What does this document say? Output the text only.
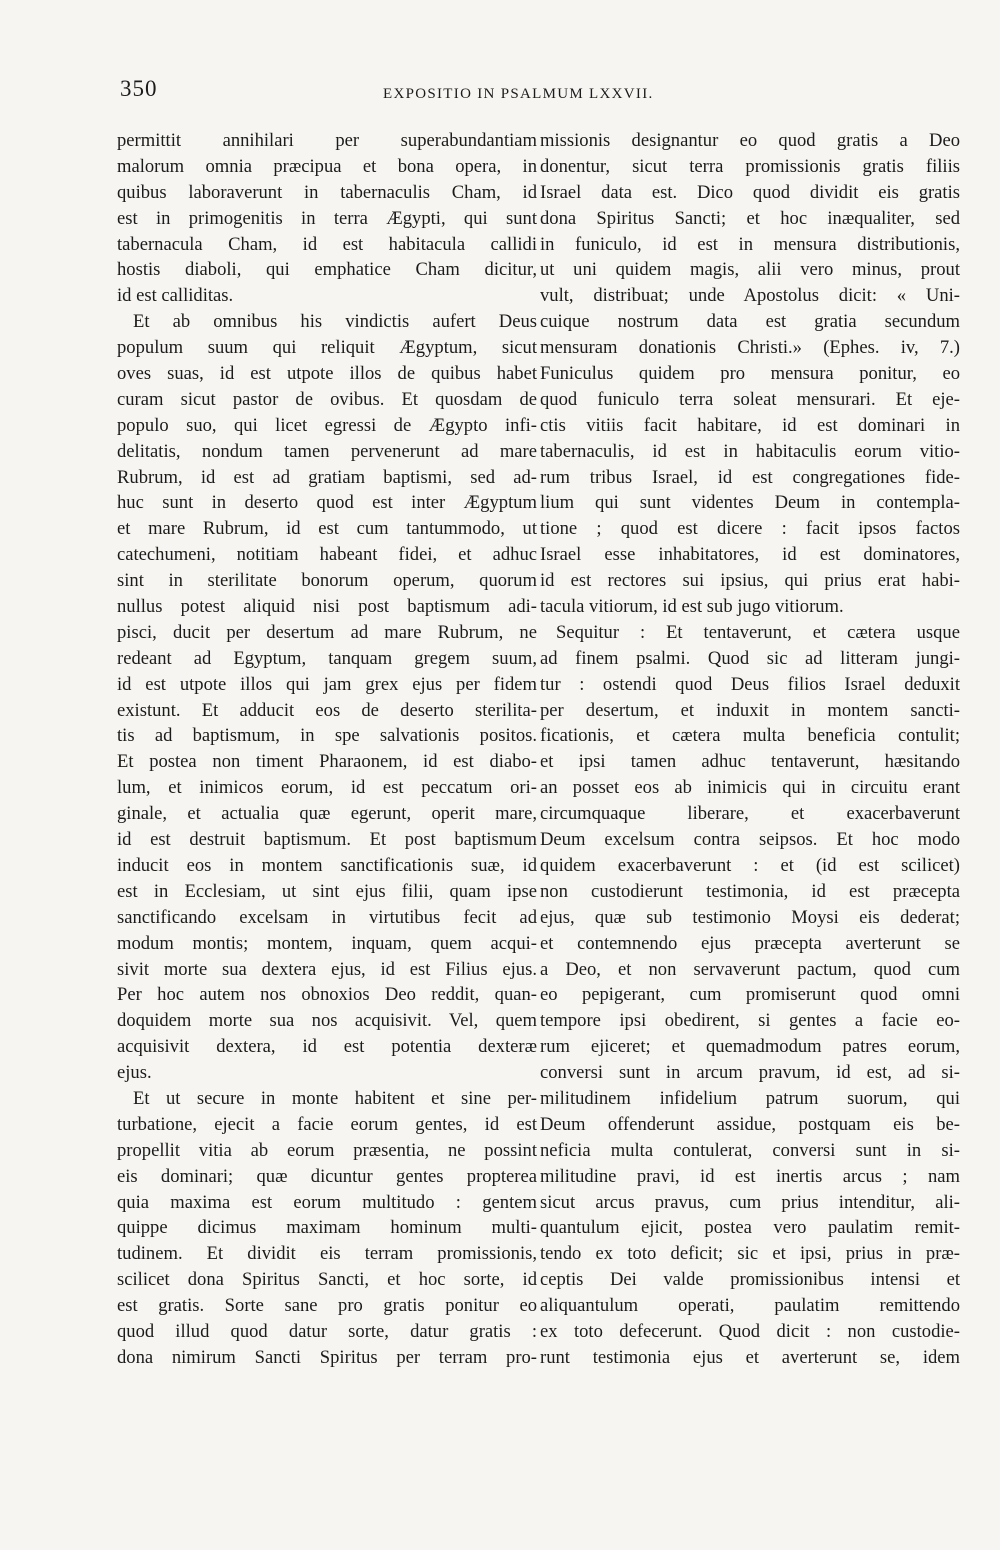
350	EXPOSITIO IN PSALMUM LXXVII.
permittit annihilari per superabundantiam
malorum omnia præcipua et bona opera, in
quibus laboraverunt in tabernaculis Cham, id
est in primogenitis in terra Ægypti, qui sunt
tabernacula Cham, id est habitacula callidi
hostis diaboli, qui emphatice Cham dicitur,
id est calliditas.
Et ab omnibus his vindictis aufert Deus
populum suum qui reliquit Ægyptum, sicut
oves suas, id est utpote illos de quibus habet
curam sicut pastor de ovibus. Et quosdam de
populo suo, qui licet egressi de Ægypto infi-
delitatis, nondum tamen pervenerunt ad mare
Rubrum, id est ad gratiam baptismi, sed ad-
huc sunt in deserto quod est inter Ægyptum
et mare Rubrum, id est cum tantummodo, ut
catechumeni, notitiam habeant fidei, et adhuc
sint in sterilitate bonorum operum, quorum
nullus potest aliquid nisi post baptismum adi-
pisci, ducit per desertum ad mare Rubrum, ne
redeant ad Egyptum, tanquam gregem suum,
id est utpote illos qui jam grex ejus per fidem
existunt. Et adducit eos de deserto sterilita-
tis ad baptismum, in spe salvationis positos.
Et postea non timent Pharaonem, id est diabo-
lum, et inimicos eorum, id est peccatum ori-
ginale, et actualia quæ egerunt, operit mare,
id est destruit baptismum. Et post baptismum
inducit eos in montem sanctificationis suæ, id
est in Ecclesiam, ut sint ejus filii, quam ipse
sanctificando excelsam in virtutibus fecit ad
modum montis; montem, inquam, quem acqui-
sivit morte sua dextera ejus, id est Filius ejus.
Per hoc autem nos obnoxios Deo reddit, quan-
doquidem morte sua nos acquisivit. Vel, quem
acquisivit dextera, id est potentia dexteræ
ejus.
Et ut secure in monte habitent et sine per-
turbatione, ejecit a facie eorum gentes, id est
propellit vitia ab eorum præsentia, ne possint
eis dominari; quæ dicuntur gentes propterea
quia maxima est eorum multitudo : gentem
quippe dicimus maximam hominum multi-
tudinem. Et dividit eis terram promissionis,
scilicet dona Spiritus Sancti, et hoc sorte, id
est gratis. Sorte sane pro gratis ponitur eo
quod illud quod datur sorte, datur gratis :
dona nimirum Sancti Spiritus per terram pro-
missionis designantur eo quod gratis a Deo
donentur, sicut terra promissionis gratis filiis
Israel data est. Dico quod dividit eis gratis
dona Spiritus Sancti; et hoc inæqualiter, sed
in funiculo, id est in mensura distributionis,
ut uni quidem magis, alii vero minus, prout
vult, distribuat; unde Apostolus dicit: « Uni-
cuique nostrum data est gratia secundum
mensuram donationis Christi.» (Ephes. iv, 7.)
Funiculus quidem pro mensura ponitur, eo
quod funiculo terra soleat mensurari. Et eje-
ctis vitiis facit habitare, id est dominari in
tabernaculis, id est in habitaculis eorum vitio-
rum tribus Israel, id est congregationes fide-
lium qui sunt videntes Deum in contempla-
tione ; quod est dicere : facit ipsos factos
Israel esse inhabitatores, id est dominatores,
id est rectores sui ipsius, qui prius erat habi-
tacula vitiorum, id est sub jugo vitiorum.
Sequitur : Et tentaverunt, et cætera usque
ad finem psalmi. Quod sic ad litteram jungi-
tur : ostendi quod Deus filios Israel deduxit
per desertum, et induxit in montem sancti-
ficationis, et cætera multa beneficia contulit;
et ipsi tamen adhuc tentaverunt, hæsitando
an posset eos ab inimicis qui in circuitu erant
circumquaque liberare, et exacerbaverunt
Deum excelsum contra seipsos. Et hoc modo
quidem exacerbaverunt : et (id est scilicet)
non custodierunt testimonia, id est præcepta
ejus, quæ sub testimonio Moysi eis dederat;
et contemnendo ejus præcepta averterunt se
a Deo, et non servaverunt pactum, quod cum
eo pepigerant, cum promiserunt quod omni
tempore ipsi obedirent, si gentes a facie eo-
rum ejiceret; et quemadmodum patres eorum,
conversi sunt in arcum pravum, id est, ad si-
militudinem infidelium patrum suorum, qui
Deum offenderunt assidue, postquam eis be-
neficia multa contulerat, conversi sunt in si-
militudine pravi, id est inertis arcus ; nam
sicut arcus pravus, cum prius intenditur, ali-
quantulum ejicit, postea vero paulatim remit-
tendo ex toto deficit; sic et ipsi, prius in præ-
ceptis Dei valde promissionibus intensi et
aliquantulum operati, paulatim remittendo
ex toto defecerunt. Quod dicit : non custodie-
runt testimonia ejus et averterunt se, idem
